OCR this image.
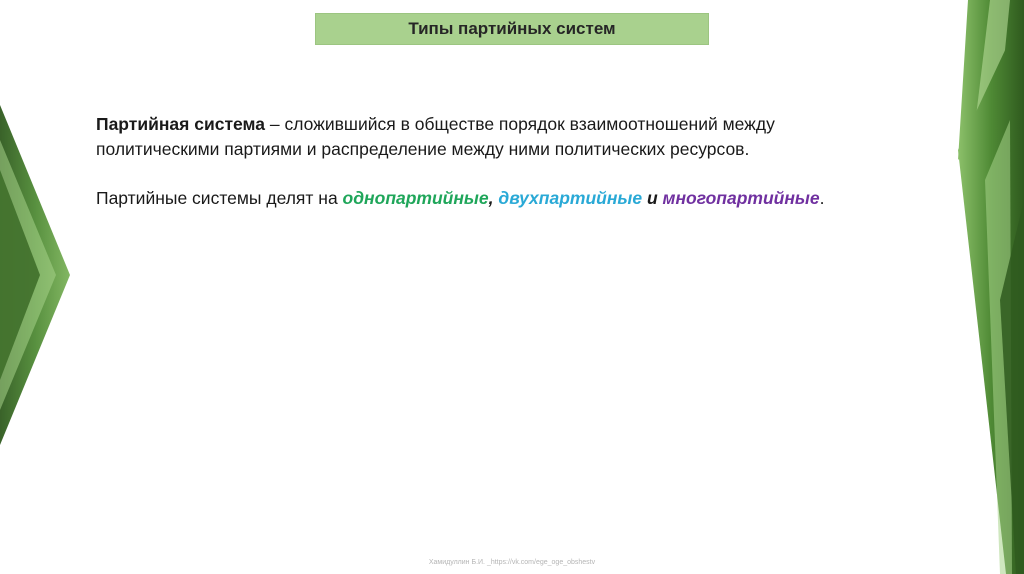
Типы партийных систем

Партийная система – сложившийся в обществе порядок взаимоотношений между политическими партиями и распределение между ними политических ресурсов.

Партийные системы делят на однопартийные, двухпартийные и многопартийные.

Хамидуллин Б.И. _https://vk.com/ege_oge_obshestv
